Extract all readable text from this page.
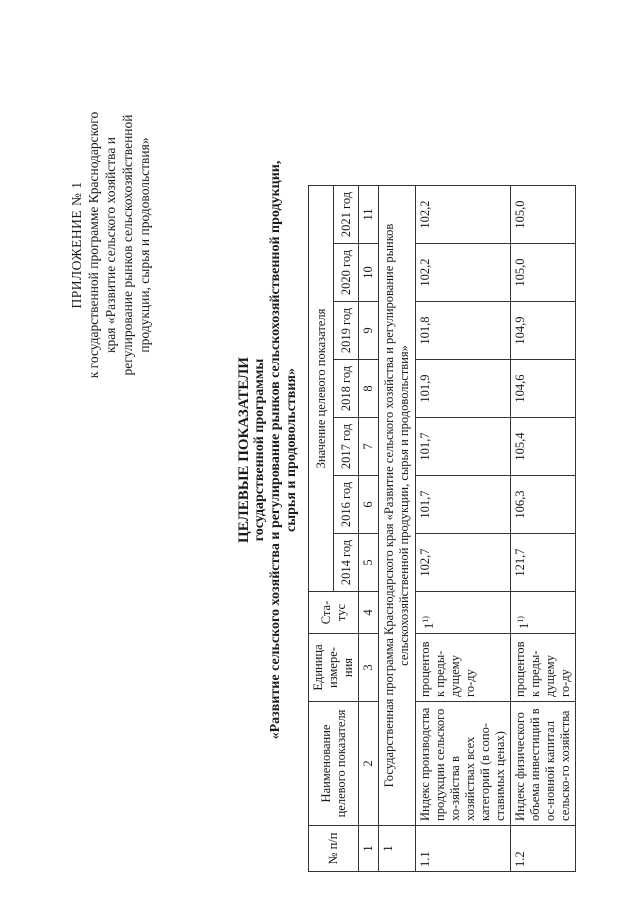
ПРИЛОЖЕНИЕ № 1 к государственной программе Краснодарского края «Развитие сельского хозяйства и регулирование рынков сельскохозяйственной продукции, сырья и продовольствия»
ЦЕЛЕВЫЕ ПОКАЗАТЕЛИ государственной программы «Развитие сельского хозяйства и регулирование рынков сельскохозяйственной продукции, сырья и продовольствия»
№ п/п	Наименование целевого показателя	Единица измере-ния	Ста-тус	Значение целевого показателя						
				2014 год	2016 год	2017 год	2018 год	2019 год	2020 год	2021 год
1	2	3	4	5	6	7	8	9	10	11
1	Государственная программа Краснодарского края «Развитие сельского хозяйства и регулирование рынков сельскохозяйственной продукции, сырья и продовольствия»									
1.1	Индекс производства продукции сельского хо-зяйства в хозяйствах всех категорий (в сопо-ставимых ценах)	процентов к преды-дущему го-ду	1$^{1)}$	102,7	101,7	101,7	101,9	101,8	102,2	102,2
1.2	Индекс физического объема инвестиций в ос-новной капитал сельско-го хозяйства	процентов к преды-дущему го-ду	1$^{1)}$	121,7	106,3	105,4	104,6	104,9	105,0	105,0
